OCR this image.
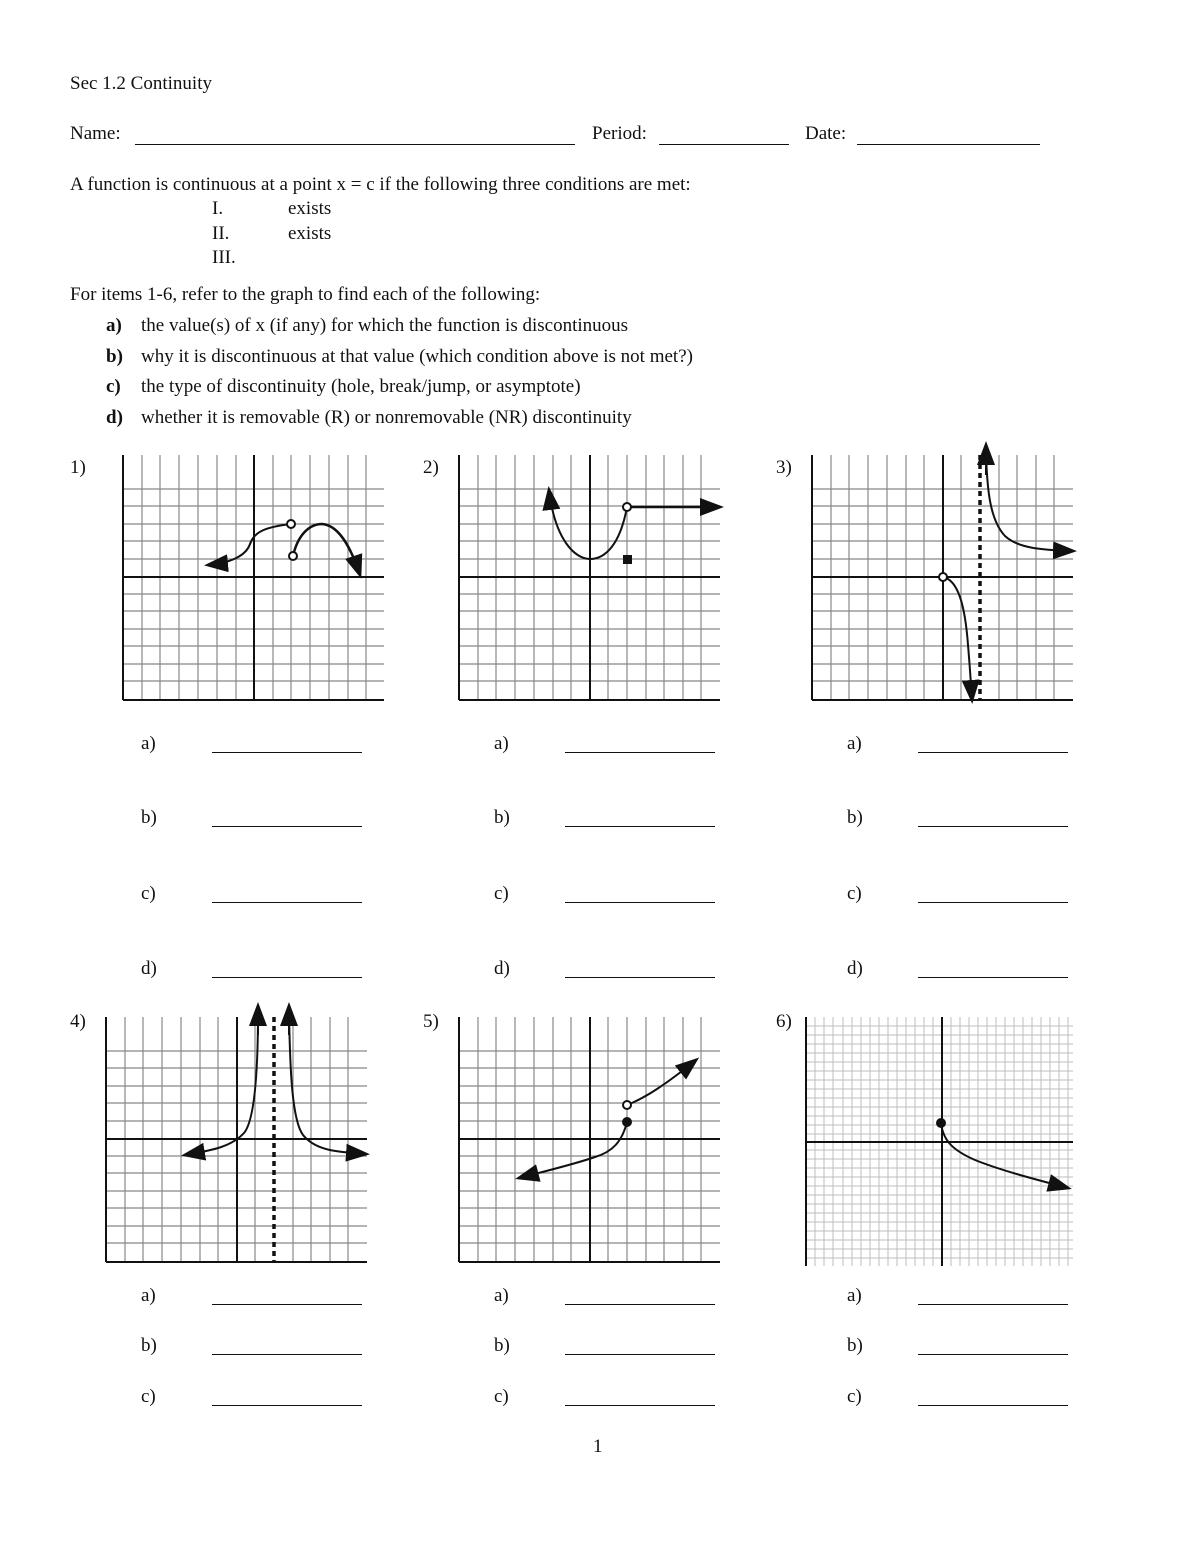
Sec 1.2 Continuity
Name:	Period:	Date:
A function is continuous at a point x = c if the following three conditions are met:
I.	exists
II.	exists
III.
For items 1-6, refer to the graph to find each of the following:
a) the value(s) of x (if any) for which the function is discontinuous
b) why it is discontinuous at that value (which condition above is not met?)
c) the type of discontinuity (hole, break/jump, or asymptote)
d) whether it is removable (R) or nonremovable (NR) discontinuity
1)	2)	3)
4)	5)	6)
a)
b)
c)
d)
a)
b)
c)
d)
a)
b)
c)
d)
a)
b)
c)
a)
b)
c)
a)
b)
c)
1
